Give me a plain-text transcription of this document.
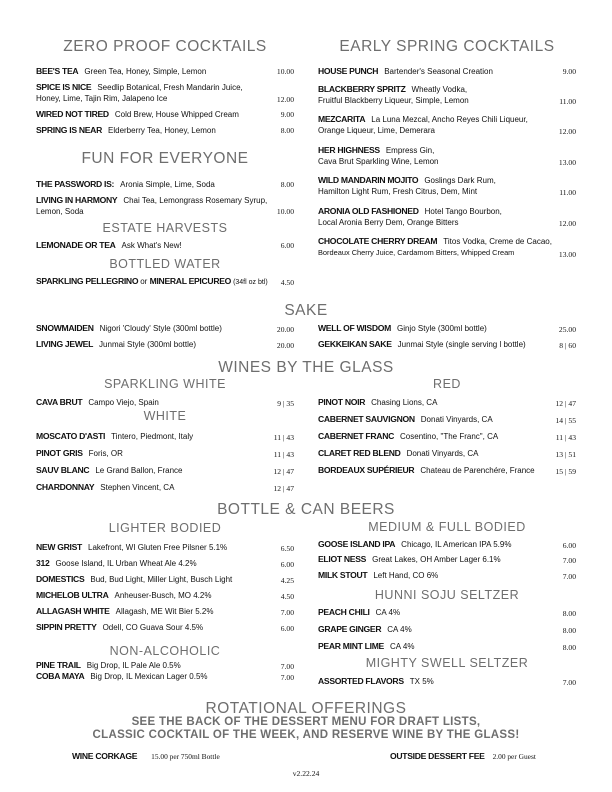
ZERO PROOF COCKTAILS
BEE'S TEA Green Tea, Honey, Simple, Lemon	10.00
SPICE IS NICE Seedlip Botanical, Fresh Mandarin Juice,
Honey, Lime, Tajin Rim, Jalapeno Ice	12.00
WIRED NOT TIRED Cold Brew, House Whipped Cream	9.00
SPRING IS NEAR Elderberry Tea, Honey, Lemon	8.00
FUN FOR EVERYONE
THE PASSWORD IS: Aronia Simple, Lime, Soda	8.00
LIVING IN HARMONY Chai Tea, Lemongrass Rosemary Syrup,
Lemon, Soda	10.00
ESTATE HARVESTS
LEMONADE OR TEA Ask What's New!	6.00
BOTTLED WATER
SPARKLING PELLEGRINO or MINERAL EPICUREO (34fl oz btl)	4.50
EARLY SPRING COCKTAILS
HOUSE PUNCH Bartender's Seasonal Creation	9.00
BLACKBERRY SPRITZ Wheatly Vodka,
Fruitful Blackberry Liqueur, Simple, Lemon	11.00
MEZCARITA La Luna Mezcal, Ancho Reyes Chili Liqueur,
Orange Liqueur, Lime, Demerara	12.00
HER HIGHNESS Empress Gin,
Cava Brut Sparkling Wine, Lemon	13.00
WILD MANDARIN MOJITO Goslings Dark Rum,
Hamilton Light Rum, Fresh Citrus, Dem, Mint	11.00
ARONIA OLD FASHIONED Hotel Tango Bourbon,
Local Aronia Berry Dem, Orange Bitters	12.00
CHOCOLATE CHERRY DREAM Titos Vodka, Creme de Cacao,
Bordeaux Cherry Juice, Cardamom Bitters, Whipped Cream	13.00
SAKE
SNOWMAIDEN Nigori 'Cloudy' Style (300ml bottle)	20.00
LIVING JEWEL Junmai Style (300ml bottle)	20.00
WELL OF WISDOM Ginjo Style (300ml bottle)	25.00
GEKKEIKAN SAKE Junmai Style (single serving l bottle)	8 | 60
WINES BY THE GLASS
SPARKLING WHITE
CAVA BRUT Campo Viejo, Spain	9 | 35
WHITE
MOSCATO D'ASTI Tintero, Piedmont, Italy	11 | 43
PINOT GRIS Foris, OR	11 | 43
SAUV BLANC Le Grand Ballon, France	12 | 47
CHARDONNAY Stephen Vincent, CA	12 | 47
RED
PINOT NOIR Chasing Lions, CA	12 | 47
CABERNET SAUVIGNON Donati Vinyards, CA	14 | 55
CABERNET FRANC Cosentino, "The Franc", CA	11 | 43
CLARET RED BLEND Donati Vinyards, CA	13 | 51
BORDEAUX SUPÉRIEUR Chateau de Parenchére, France	15 | 59
BOTTLE & CAN BEERS
LIGHTER BODIED
NEW GRIST Lakefront, WI Gluten Free Pilsner 5.1%	6.50
312 Goose Island, IL Urban Wheat Ale 4.2%	6.00
DOMESTICS Bud, Bud Light, Miller Light, Busch Light	4.25
MICHELOB ULTRA Anheuser-Busch, MO 4.2%	4.50
ALLAGASH WHITE Allagash, ME Wit Bier 5.2%	7.00
SIPPIN PRETTY Odell, CO Guava Sour 4.5%	6.00
NON-ALCOHOLIC
PINE TRAIL Big Drop, IL Pale Ale 0.5%	7.00
COBA MAYA Big Drop, IL Mexican Lager 0.5%	7.00
MEDIUM & FULL BODIED
GOOSE ISLAND IPA Chicago, IL American IPA 5.9%	6.00
ELIOT NESS Great Lakes, OH Amber Lager 6.1%	7.00
MILK STOUT Left Hand, CO 6%	7.00
HUNNI SOJU SELTZER
PEACH CHILI CA 4%	8.00
GRAPE GINGER CA 4%	8.00
PEAR MINT LIME CA 4%	8.00
MIGHTY SWELL SELTZER
ASSORTED FLAVORS TX 5%	7.00
ROTATIONAL OFFERINGS
SEE THE BACK OF THE DESSERT MENU FOR DRAFT LISTS,
CLASSIC COCKTAIL OF THE WEEK, AND RESERVE WINE BY THE GLASS!
WINE CORKAGE 15.00 per 750ml Bottle	OUTSIDE DESSERT FEE 2.00 per Guest
v2.22.24
